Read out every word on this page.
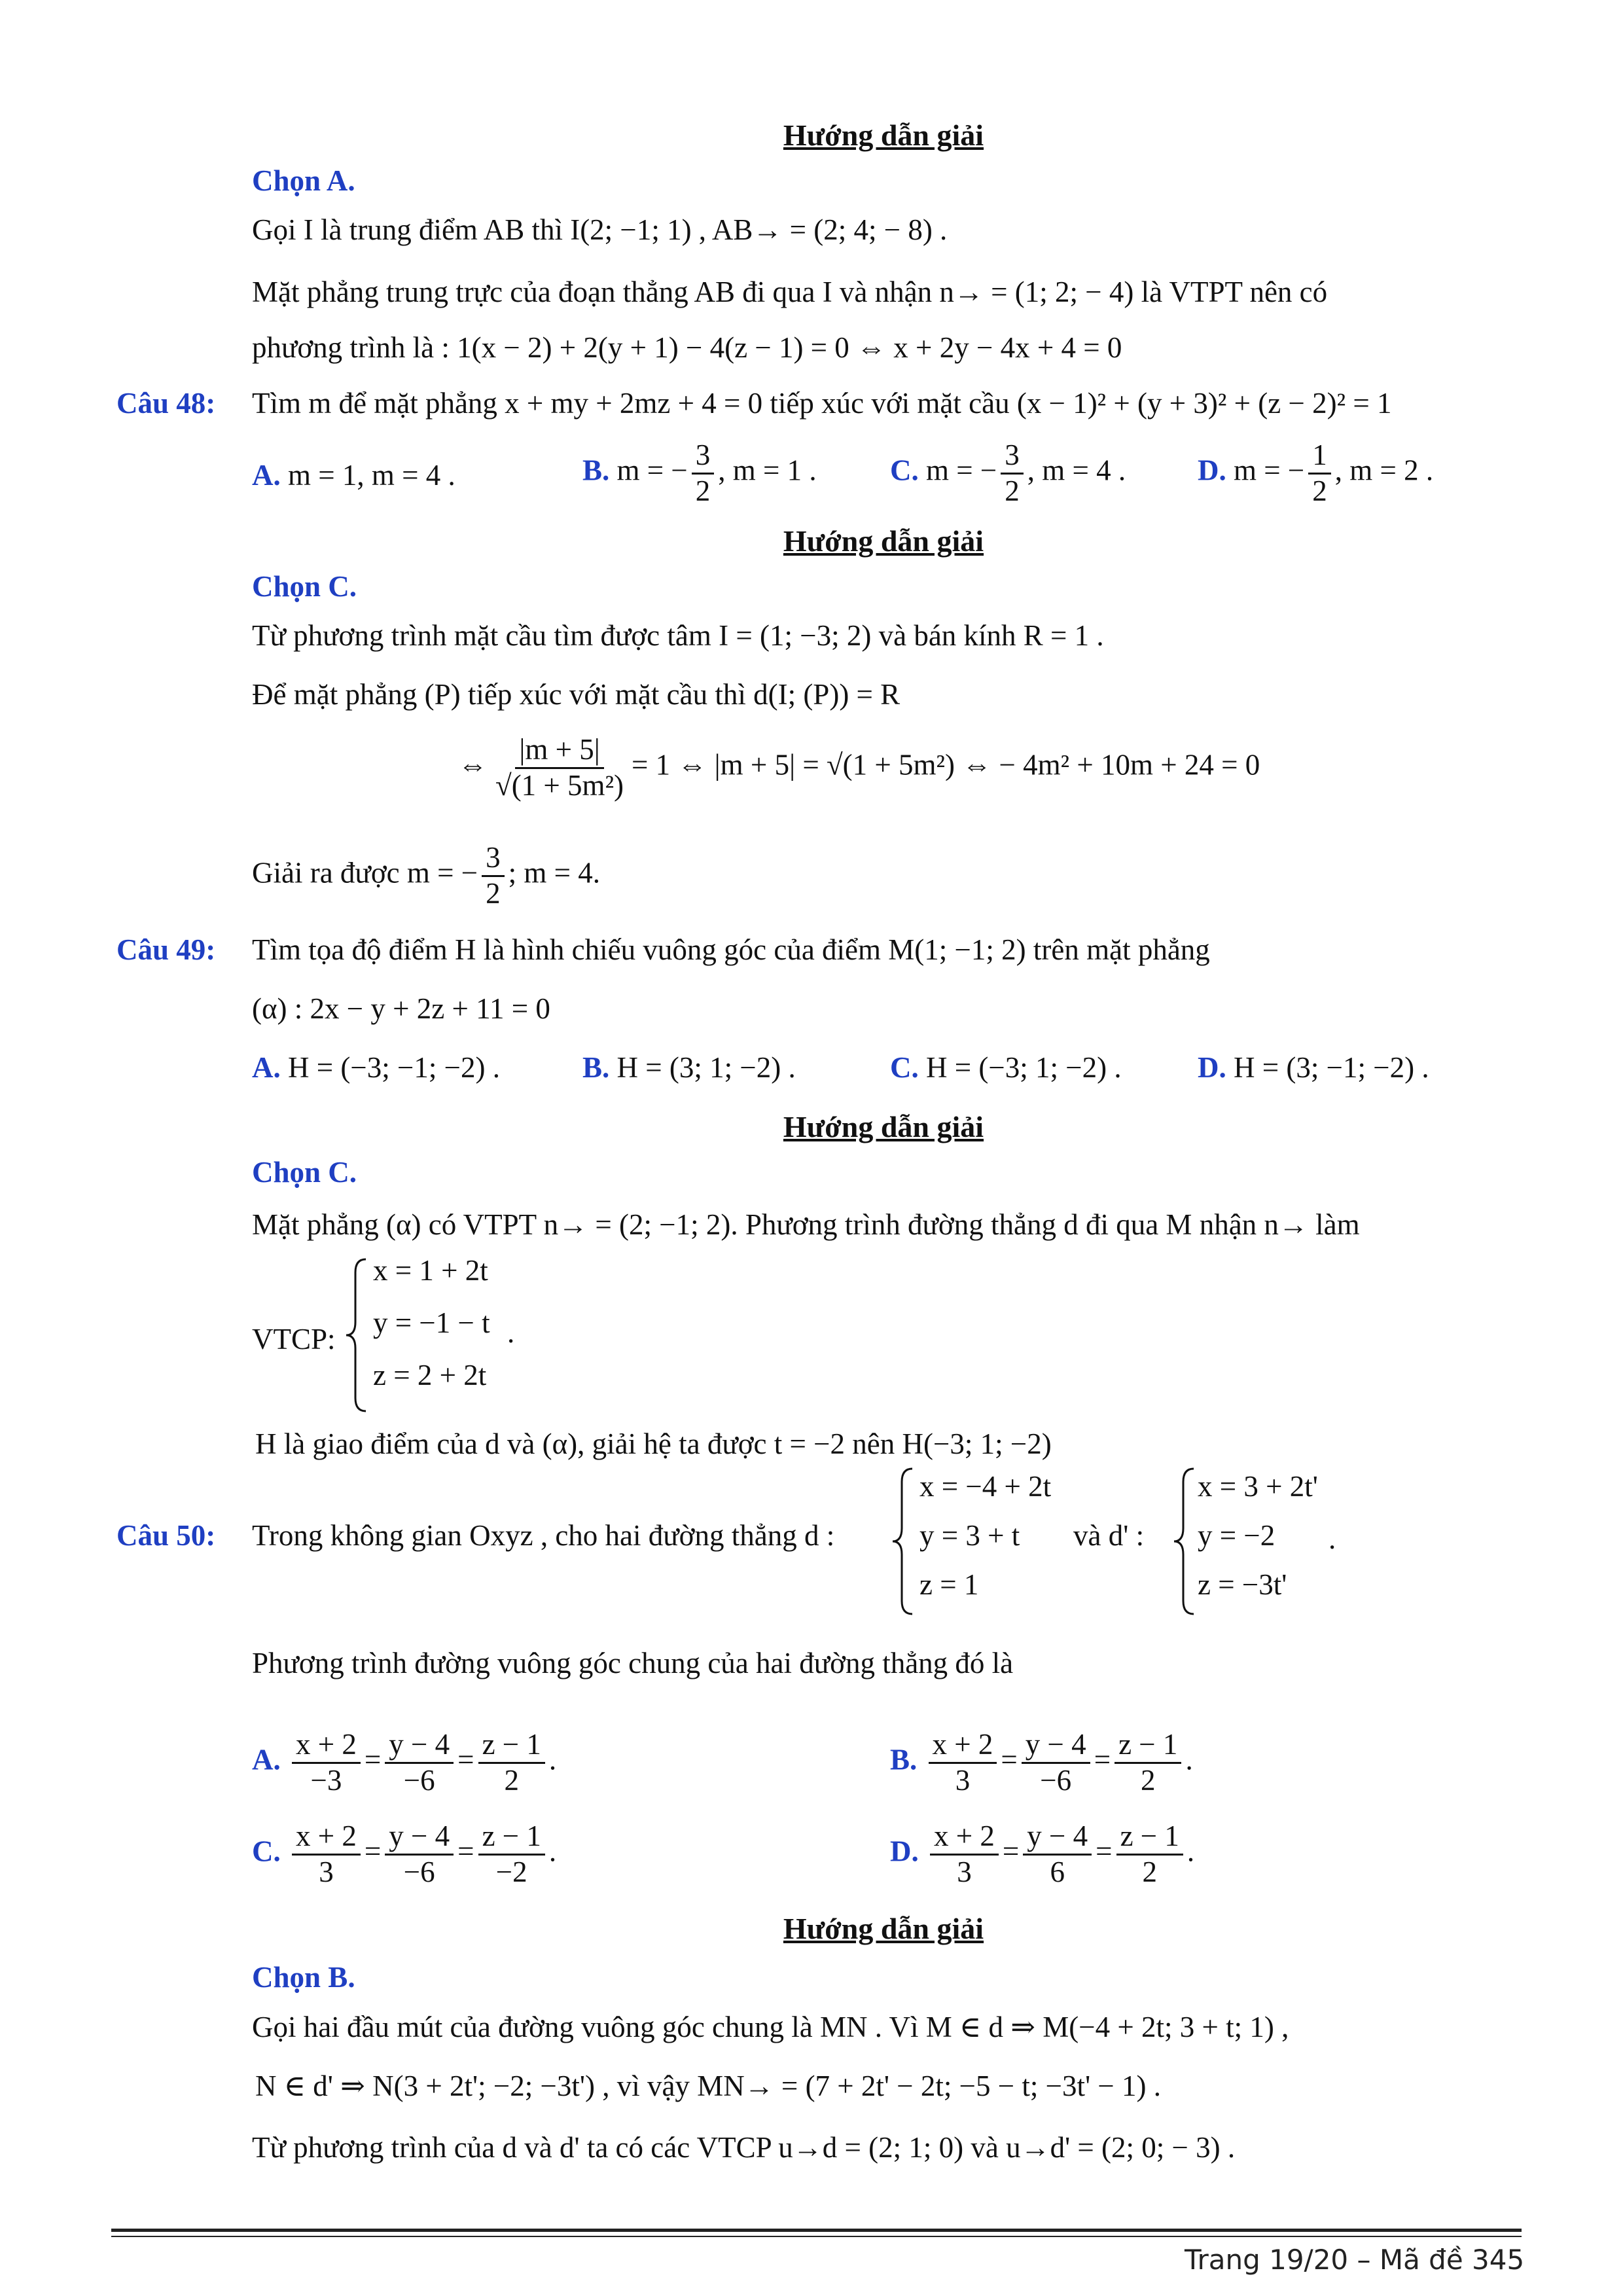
Hướng dẫn giải
Chọn A.
Gọi I là trung điểm AB thì I(2; −1; 1) , AB→ = (2; 4; − 8) .
Mặt phẳng trung trực của đoạn thẳng AB đi qua I và nhận n→ = (1; 2; − 4) là VTPT nên có
phương trình là : 1(x − 2) + 2(y + 1) − 4(z − 1) = 0 ⇔ x + 2y − 4x + 4 = 0
Câu 48: Tìm m để mặt phẳng x + my + 2mz + 4 = 0 tiếp xúc với mặt cầu (x − 1)² + (y + 3)² + (z − 2)² = 1
A. m = 1, m = 4 .	B. m = − $\frac{3}{2}$ , m = 1 . C. m = − $\frac{3}{2}$ , m = 4 . D. m = − $\frac{1}{2}$ , m = 2 .
Hướng dẫn giải
Chọn C.
Từ phương trình mặt cầu tìm được tâm I = (1; −3; 2) và bán kính R = 1 .
Để mặt phẳng (P) tiếp xúc với mặt cầu thì d(I; (P)) = R
⇔ $\frac{|m + 5|}{\text{√(1 + 5m²)}} = 1$ ⇔ |m + 5| = √(1 + 5m²) ⇔ − 4m² + 10m + 24 = 0
Giải ra được m = − $\frac{3}{2}$ ; m = 4.
Câu 49: Tìm tọa độ điểm H là hình chiếu vuông góc của điểm M(1; −1; 2) trên mặt phẳng
(α) : 2x − y + 2z + 11 = 0
A. H = (−3; −1; −2) .	B. H = (3; 1; −2) .	C. H = (−3; 1; −2) .	D. H = (3; −1; −2) .
Hướng dẫn giải
Chọn C.
Mặt phẳng (α) có VTPT n→ = (2; −1; 2). Phương trình đường thẳng d đi qua M nhận n→ làm
VTCP:
x = 1 + 2t
y = −1 − t
z = 2 + 2t
.
H là giao điểm của d và (α), giải hệ ta được t = −2 nên H(−3; 1; −2)
Câu 50: Trong không gian Oxyz , cho hai đường thẳng d :
x = −4 + 2t
y = 3 + t
z = 1
và d' :
x = 3 + 2t'
y = −2
z = −3t'
.
Phương trình đường vuông góc chung của hai đường thẳng đó là
A. $\frac{x + 2}{-3} = \frac{y - 4}{-6} = \frac{z - 1}{2}$ .	B. $\frac{x + 2}{3} = \frac{y - 4}{-6} = \frac{z - 1}{2}$ .
C. $\frac{x + 2}{3} = \frac{y - 4}{-6} = \frac{z - 1}{-2}$ .	D. $\frac{x + 2}{3} = \frac{y - 4}{6} = \frac{z - 1}{2}$ .
Hướng dẫn giải
Chọn B.
Gọi hai đầu mút của đường vuông góc chung là MN . Vì M ∈ d ⇒ M(−4 + 2t; 3 + t; 1) ,
N ∈ d' ⇒ N(3 + 2t'; −2; −3t') , vì vậy MN→ = (7 + 2t' − 2t; −5 − t; −3t' − 1) .
Từ phương trình của d và d' ta có các VTCP u→d = (2; 1; 0) và u→d' = (2; 0; − 3) .
Trang 19/20 – Mã đề 345
